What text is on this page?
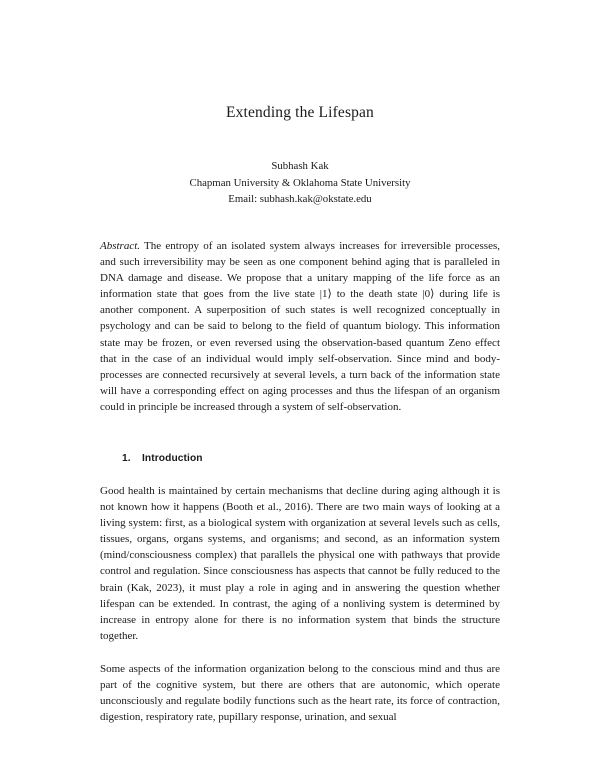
Extending the Lifespan
Subhash Kak
Chapman University & Oklahoma State University
Email: subhash.kak@okstate.edu

Abstract. The entropy of an isolated system always increases for irreversible processes, and such irreversibility may be seen as one component behind aging that is paralleled in DNA damage and disease. We propose that a unitary mapping of the life force as an information state that goes from the live state |1⟩ to the death state |0⟩ during life is another component. A superposition of such states is well recognized conceptually in psychology and can be said to belong to the field of quantum biology. This information state may be frozen, or even reversed using the observation-based quantum Zeno effect that in the case of an individual would imply self-observation. Since mind and body-processes are connected recursively at several levels, a turn back of the information state will have a corresponding effect on aging processes and thus the lifespan of an organism could in principle be increased through a system of self-observation.

1. Introduction

Good health is maintained by certain mechanisms that decline during aging although it is not known how it happens (Booth et al., 2016). There are two main ways of looking at a living system: first, as a biological system with organization at several levels such as cells, tissues, organs, organs systems, and organisms; and second, as an information system (mind/consciousness complex) that parallels the physical one with pathways that provide control and regulation. Since consciousness has aspects that cannot be fully reduced to the brain (Kak, 2023), it must play a role in aging and in answering the question whether lifespan can be extended. In contrast, the aging of a nonliving system is determined by increase in entropy alone for there is no information system that binds the structure together.

Some aspects of the information organization belong to the conscious mind and thus are part of the cognitive system, but there are others that are autonomic, which operate unconsciously and regulate bodily functions such as the heart rate, its force of contraction, digestion, respiratory rate, pupillary response, urination, and sexual
